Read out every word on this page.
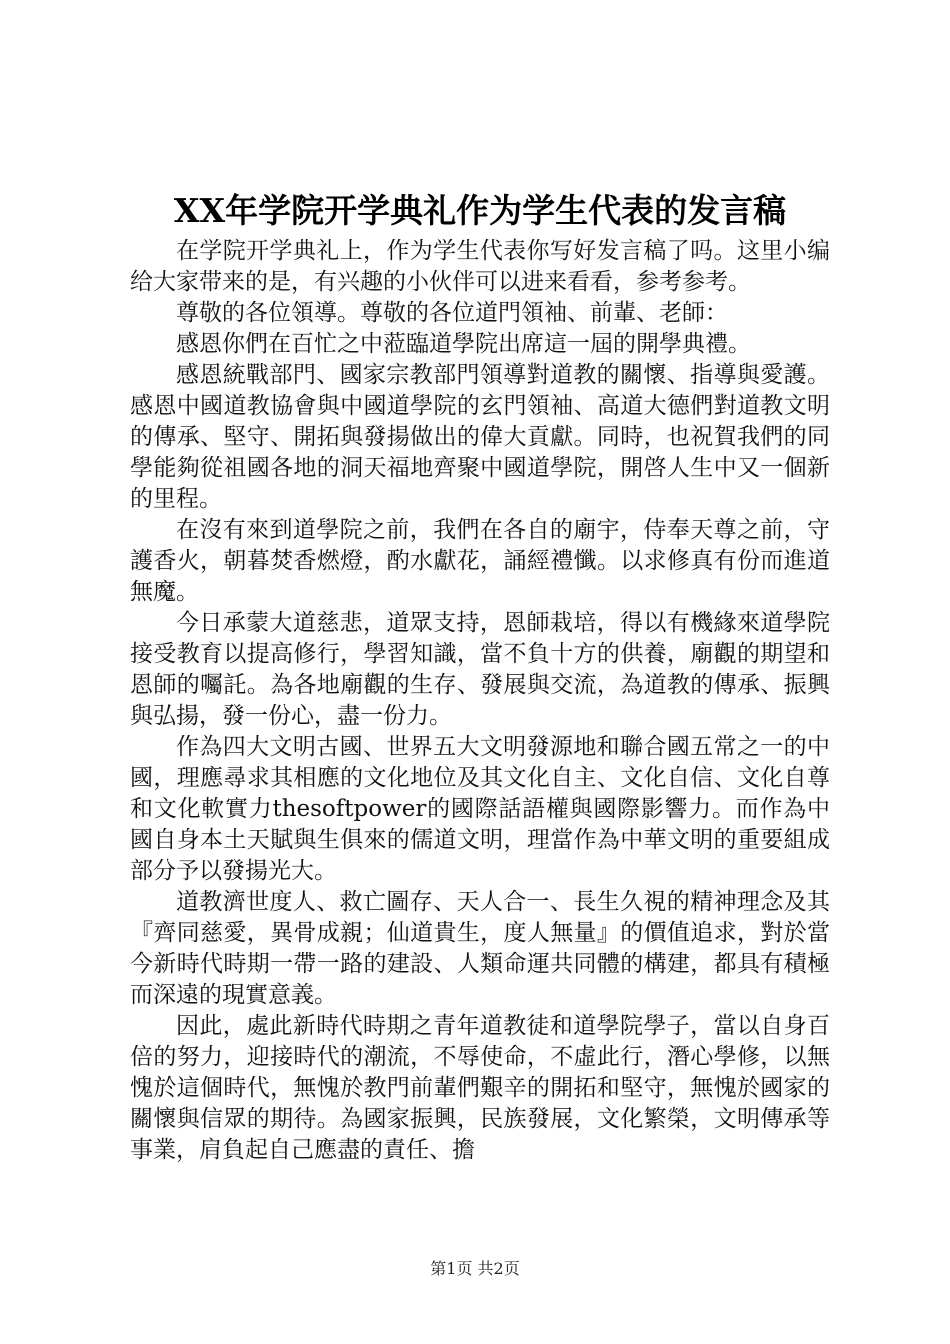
XX年学院开学典礼作为学生代表的发言稿

在学院开学典礼上，作为学生代表你写好发言稿了吗。这里小编给大家带来的是，有兴趣的小伙伴可以进来看看，参考参考。

尊敬的各位領導。尊敬的各位道門領袖、前輩、老師：

感恩你們在百忙之中蒞臨道學院出席這一屆的開學典禮。

感恩統戰部門、國家宗教部門領導對道教的關懷、指導與愛護。感恩中國道教協會與中國道學院的玄門領袖、高道大德們對道教文明的傳承、堅守、開拓與發揚做出的偉大貢獻。同時，也祝賀我們的同學能夠從祖國各地的洞天福地齊聚中國道學院，開啓人生中又一個新的里程。

在沒有來到道學院之前，我們在各自的廟宇，侍奉天尊之前，守護香火，朝暮焚香燃燈，酌水獻花，誦經禮懺。以求修真有份而進道無魔。

今日承蒙大道慈悲，道眾支持，恩師栽培，得以有機緣來道學院接受教育以提高修行，學習知識，當不負十方的供養，廟觀的期望和恩師的囑託。為各地廟觀的生存、發展與交流，為道教的傳承、振興與弘揚，發一份心，盡一份力。

作為四大文明古國、世界五大文明發源地和聯合國五常之一的中國，理應尋求其相應的文化地位及其文化自主、文化自信、文化自尊和文化軟實力thesoftpower的國際話語權與國際影響力。而作為中國自身本土天賦與生俱來的儒道文明，理當作為中華文明的重要組成部分予以發揚光大。

道教濟世度人、救亡圖存、天人合一、長生久視的精神理念及其『齊同慈愛，異骨成親；仙道貴生，度人無量』的價值追求，對於當今新時代時期一帶一路的建設、人類命運共同體的構建，都具有積極而深遠的現實意義。

因此，處此新時代時期之青年道教徒和道學院學子，當以自身百倍的努力，迎接時代的潮流，不辱使命，不虛此行，潛心學修，以無愧於這個時代，無愧於教門前輩們艱辛的開拓和堅守，無愧於國家的關懷與信眾的期待。為國家振興，民族發展，文化繁榮，文明傳承等事業，肩負起自己應盡的責任、擔

第1页 共2页
